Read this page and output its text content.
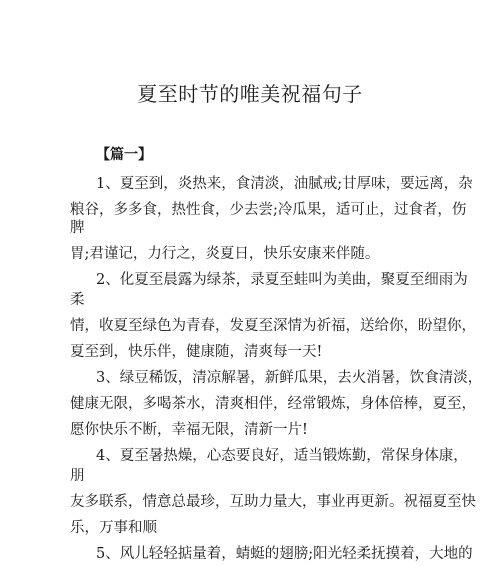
夏至时节的唯美祝福句子
【篇一】
1、夏至到，炎热来，食清淡，油腻戒;甘厚味，要远离，杂
粮谷，多多食，热性食，少去尝;冷瓜果，适可止，过食者，伤
脾
胃;君谨记，力行之，炎夏日，快乐安康来伴随。
2、化夏至晨露为绿茶，录夏至蛙叫为美曲，聚夏至细雨为
柔
情，收夏至绿色为青春，发夏至深情为祈福，送给你，盼望你，
夏至到，快乐伴，健康随，清爽每一天!
3、绿豆稀饭，清凉解暑，新鲜瓜果，去火消暑，饮食清淡，
健康无限，多喝茶水，清爽相伴，经常锻炼，身体倍棒，夏至，
愿你快乐不断，幸福无限，清新一片!
4、夏至暑热燥，心态要良好，适当锻炼勤，常保身体康，
朋
友多联系，情意总最珍，互助力量大，事业再更新。祝福夏至快
乐，万事和顺
5、风儿轻轻掂量着，蜻蜓的翅膀;阳光轻柔抚摸着，大地的
